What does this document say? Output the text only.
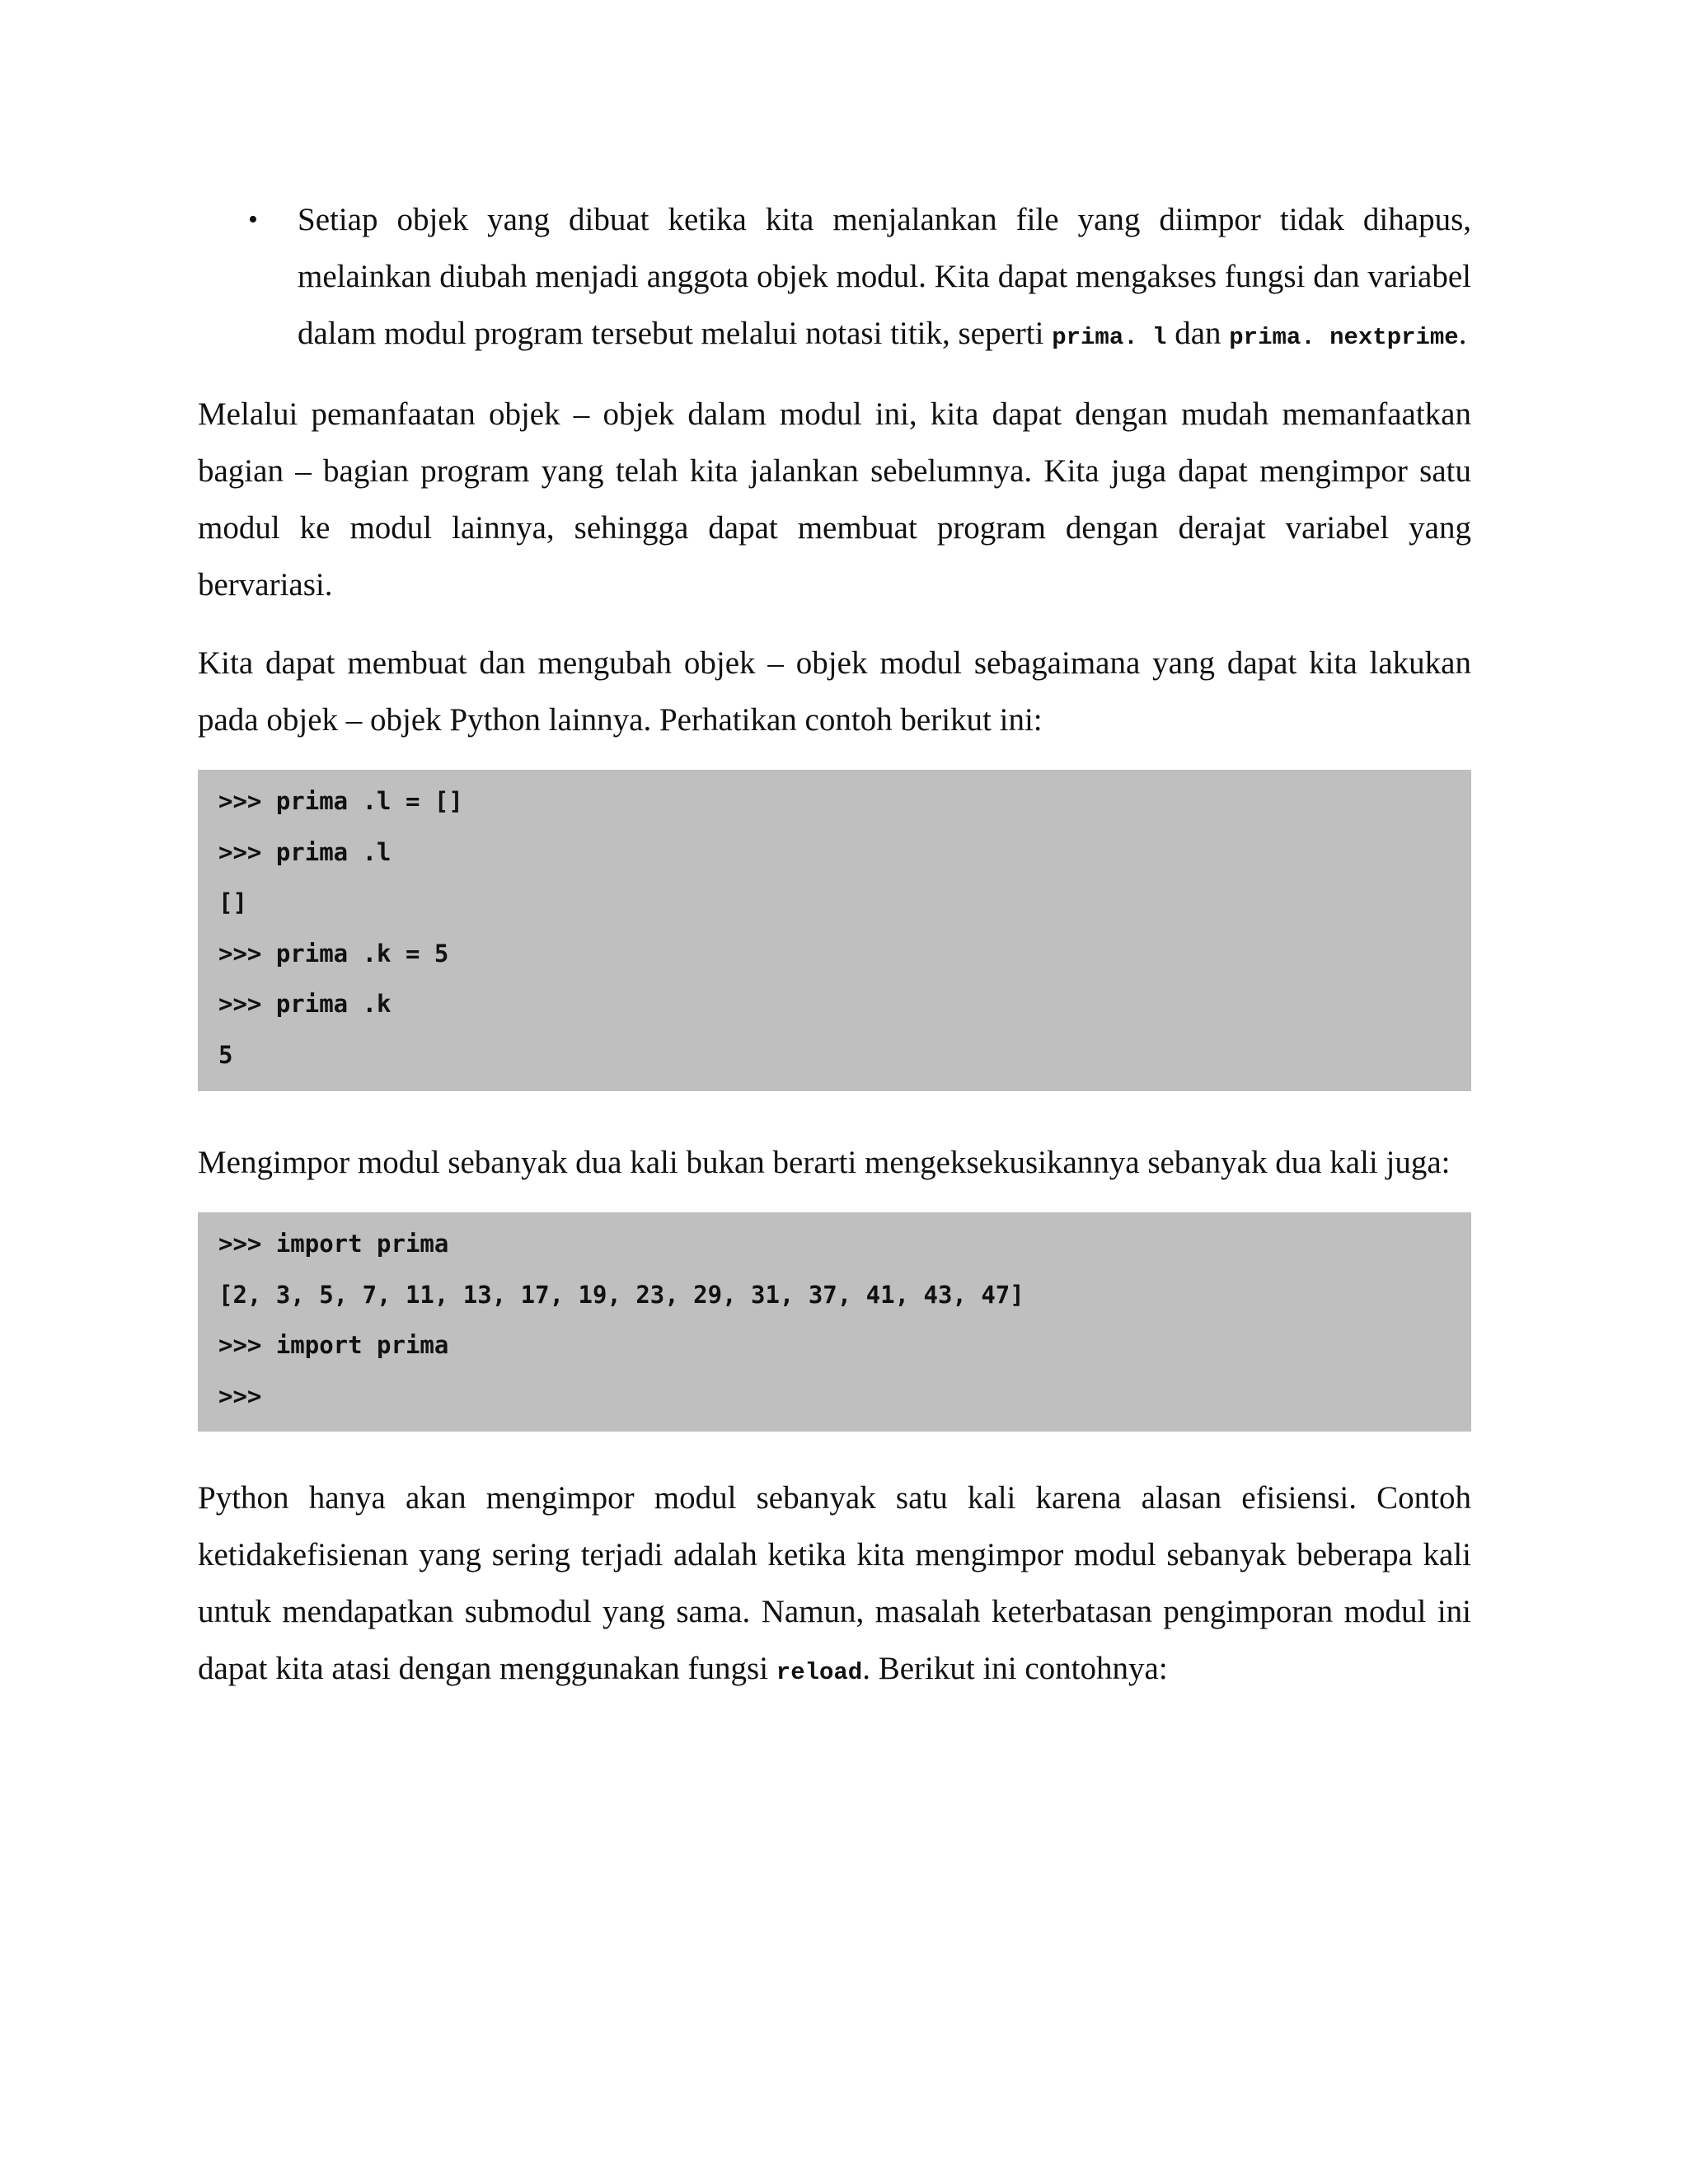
• Setiap objek yang dibuat ketika kita menjalankan file yang diimpor tidak dihapus, melainkan diubah menjadi anggota objek modul. Kita dapat mengakses fungsi dan variabel dalam modul program tersebut melalui notasi titik, seperti prima. l dan prima. nextprime.

Melalui pemanfaatan objek – objek dalam modul ini, kita dapat dengan mudah memanfaatkan bagian – bagian program yang telah kita jalankan sebelumnya. Kita juga dapat mengimpor satu modul ke modul lainnya, sehingga dapat membuat program dengan derajat variabel yang bervariasi.

Kita dapat membuat dan mengubah objek – objek modul sebagaimana yang dapat kita lakukan pada objek – objek Python lainnya. Perhatikan contoh berikut ini:

>>> prima .l = []
>>> prima .l
[]
>>> prima .k = 5
>>> prima .k
5

Mengimpor modul sebanyak dua kali bukan berarti mengeksekusikannya sebanyak dua kali juga:

>>> import prima
[2, 3, 5, 7, 11, 13, 17, 19, 23, 29, 31, 37, 41, 43, 47]
>>> import prima
>>>

Python hanya akan mengimpor modul sebanyak satu kali karena alasan efisiensi. Contoh ketidakefisienan yang sering terjadi adalah ketika kita mengimpor modul sebanyak beberapa kali untuk mendapatkan submodul yang sama. Namun, masalah keterbatasan pengimporan modul ini dapat kita atasi dengan menggunakan fungsi reload. Berikut ini contohnya:
